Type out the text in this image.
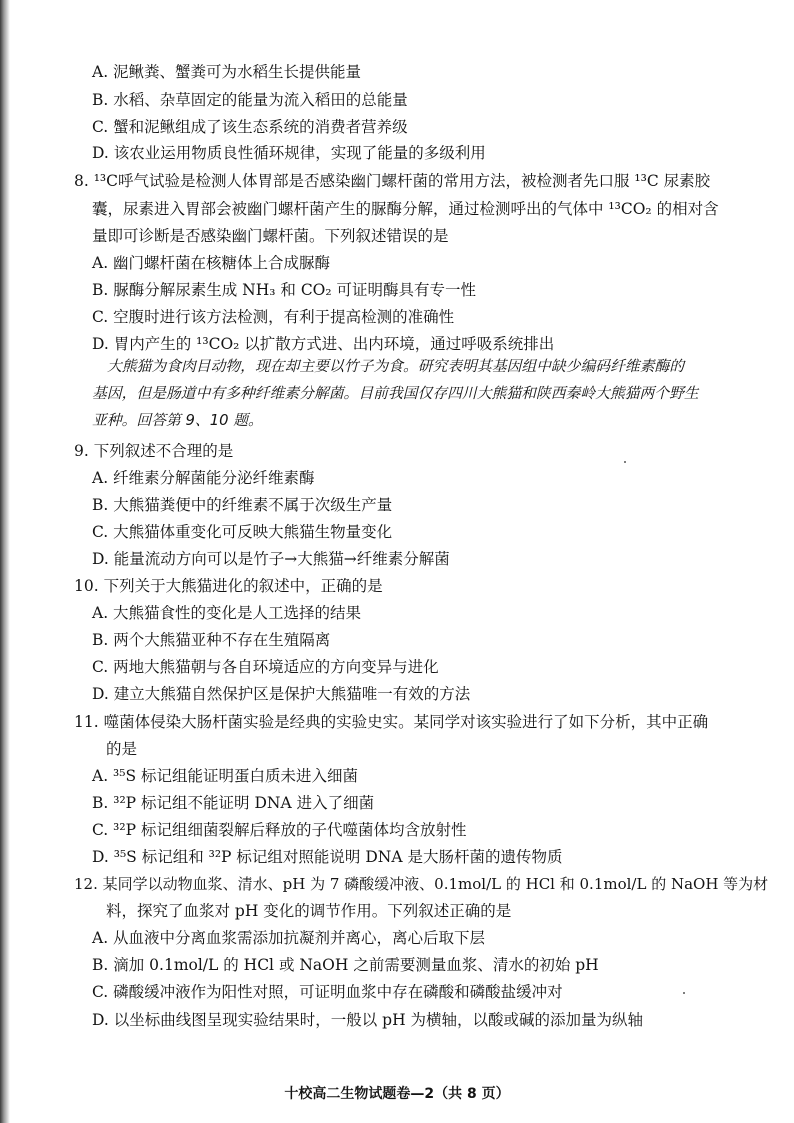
A. 泥鳅粪、蟹粪可为水稻生长提供能量
B. 水稻、杂草固定的能量为流入稻田的总能量
C. 蟹和泥鳅组成了该生态系统的消费者营养级
D. 该农业运用物质良性循环规律，实现了能量的多级利用
8. ¹³C呼气试验是检测人体胃部是否感染幽门螺杆菌的常用方法，被检测者先口服 ¹³C 尿素胶
囊，尿素进入胃部会被幽门螺杆菌产生的脲酶分解，通过检测呼出的气体中 ¹³CO₂ 的相对含
量即可诊断是否感染幽门螺杆菌。下列叙述错误的是
A. 幽门螺杆菌在核糖体上合成脲酶
B. 脲酶分解尿素生成 NH₃ 和 CO₂ 可证明酶具有专一性
C. 空腹时进行该方法检测，有利于提高检测的准确性
D. 胃内产生的 ¹³CO₂ 以扩散方式进、出内环境，通过呼吸系统排出
大熊猫为食肉目动物，现在却主要以竹子为食。研究表明其基因组中缺少编码纤维素酶的
基因，但是肠道中有多种纤维素分解菌。目前我国仅存四川大熊猫和陕西秦岭大熊猫两个野生
亚种。回答第 9、10 题。
9. 下列叙述不合理的是
A. 纤维素分解菌能分泌纤维素酶
B. 大熊猫粪便中的纤维素不属于次级生产量
C. 大熊猫体重变化可反映大熊猫生物量变化
D. 能量流动方向可以是竹子→大熊猫→纤维素分解菌
10. 下列关于大熊猫进化的叙述中，正确的是
A. 大熊猫食性的变化是人工选择的结果
B. 两个大熊猫亚种不存在生殖隔离
C. 两地大熊猫朝与各自环境适应的方向变异与进化
D. 建立大熊猫自然保护区是保护大熊猫唯一有效的方法
11. 噬菌体侵染大肠杆菌实验是经典的实验史实。某同学对该实验进行了如下分析，其中正确
的是
A. ³⁵S 标记组能证明蛋白质未进入细菌
B. ³²P 标记组不能证明 DNA 进入了细菌
C. ³²P 标记组细菌裂解后释放的子代噬菌体均含放射性
D. ³⁵S 标记组和 ³²P 标记组对照能说明 DNA 是大肠杆菌的遗传物质
12. 某同学以动物血浆、清水、pH 为 7 磷酸缓冲液、0.1mol/L 的 HCl 和 0.1mol/L 的 NaOH 等为材
料，探究了血浆对 pH 变化的调节作用。下列叙述正确的是
A. 从血液中分离血浆需添加抗凝剂并离心，离心后取下层
B. 滴加 0.1mol/L 的 HCl 或 NaOH 之前需要测量血浆、清水的初始 pH
C. 磷酸缓冲液作为阳性对照，可证明血浆中存在磷酸和磷酸盐缓冲对
D. 以坐标曲线图呈现实验结果时，一般以 pH 为横轴，以酸或碱的添加量为纵轴
十校高二生物试题卷—2（共 8 页）
